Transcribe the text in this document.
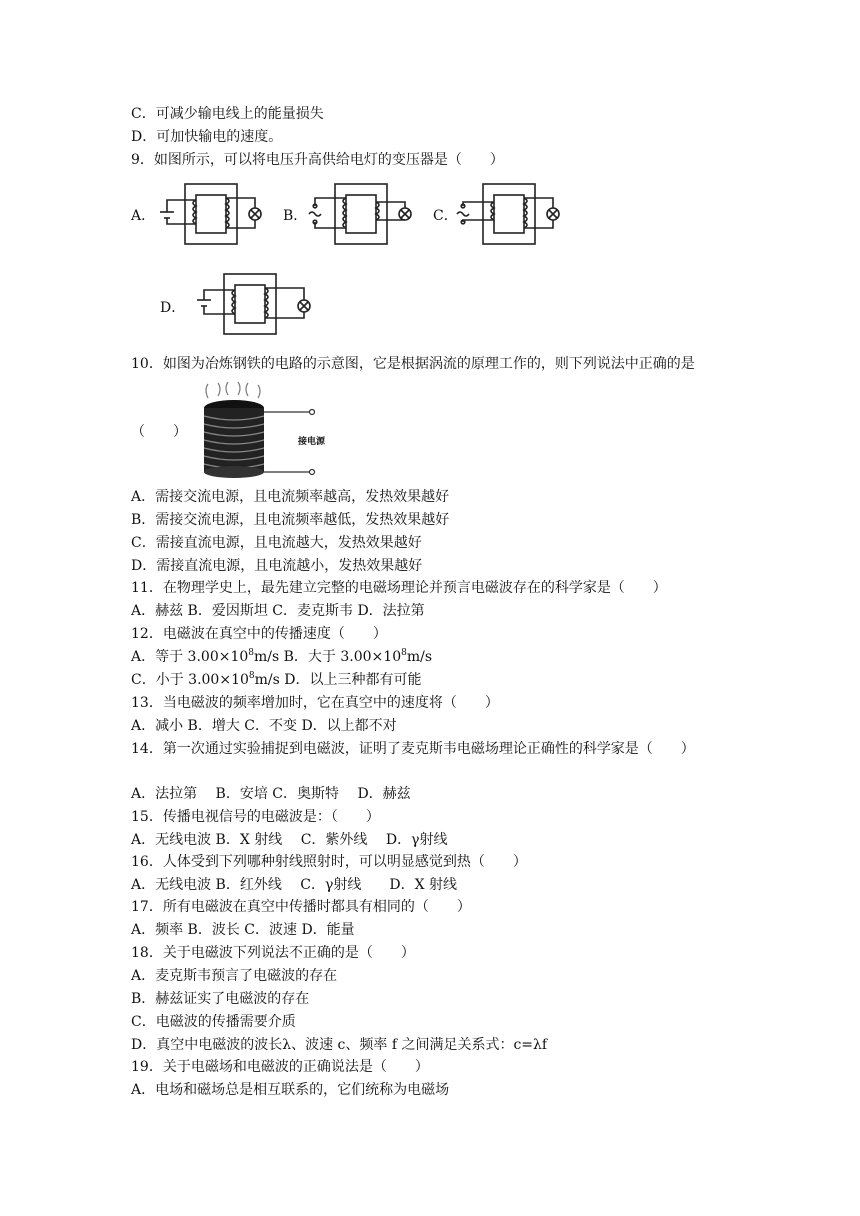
C．可减少输电线上的能量损失
D．可加快输电的速度。
9．如图所示，可以将电压升高供给电灯的变压器是（　　）
A．	B．	C．
D．
10．如图为冶炼钢铁的电路的示意图，它是根据涡流的原理工作的，则下列说法中正确的是
（　　）
接电源
A．需接交流电源，且电流频率越高，发热效果越好
B．需接交流电源，且电流频率越低，发热效果越好
C．需接直流电源，且电流越大，发热效果越好
D．需接直流电源，且电流越小，发热效果越好
11．在物理学史上，最先建立完整的电磁场理论并预言电磁波存在的科学家是（　　）
A．赫兹 B．爱因斯坦 C．麦克斯韦 D．法拉第
12．电磁波在真空中的传播速度（　　）
A．等于 $3.00\times 10^8m/s$ B．大于 $3.00\times 10^8m/s$
C．小于 $3.00\times 10^8m/s$ D．以上三种都有可能
13．当电磁波的频率增加时，它在真空中的速度将（　　）
A．减小 B．增大 C．不变 D．以上都不对
14．第一次通过实验捕捉到电磁波，证明了麦克斯韦电磁场理论正确性的科学家是（　　）
A．法拉第　 B．安培 C．奥斯特　 D．赫兹
15．传播电视信号的电磁波是：（　　）
A．无线电波 B．X 射线　 C．紫外线　 D．γ射线
16．人体受到下列哪种射线照射时，可以明显感觉到热（　　）
A．无线电波 B．红外线　 C．γ射线　　D．X 射线
17．所有电磁波在真空中传播时都具有相同的（　　）
A．频率 B．波长 C．波速 D．能量
18．关于电磁波下列说法不正确的是（　　）
A．麦克斯韦预言了电磁波的存在
B．赫兹证实了电磁波的存在
C．电磁波的传播需要介质
D．真空中电磁波的波长λ、波速 c、频率 f 之间满足关系式：c=λf
19．关于电磁场和电磁波的正确说法是（　　）
A．电场和磁场总是相互联系的，它们统称为电磁场
